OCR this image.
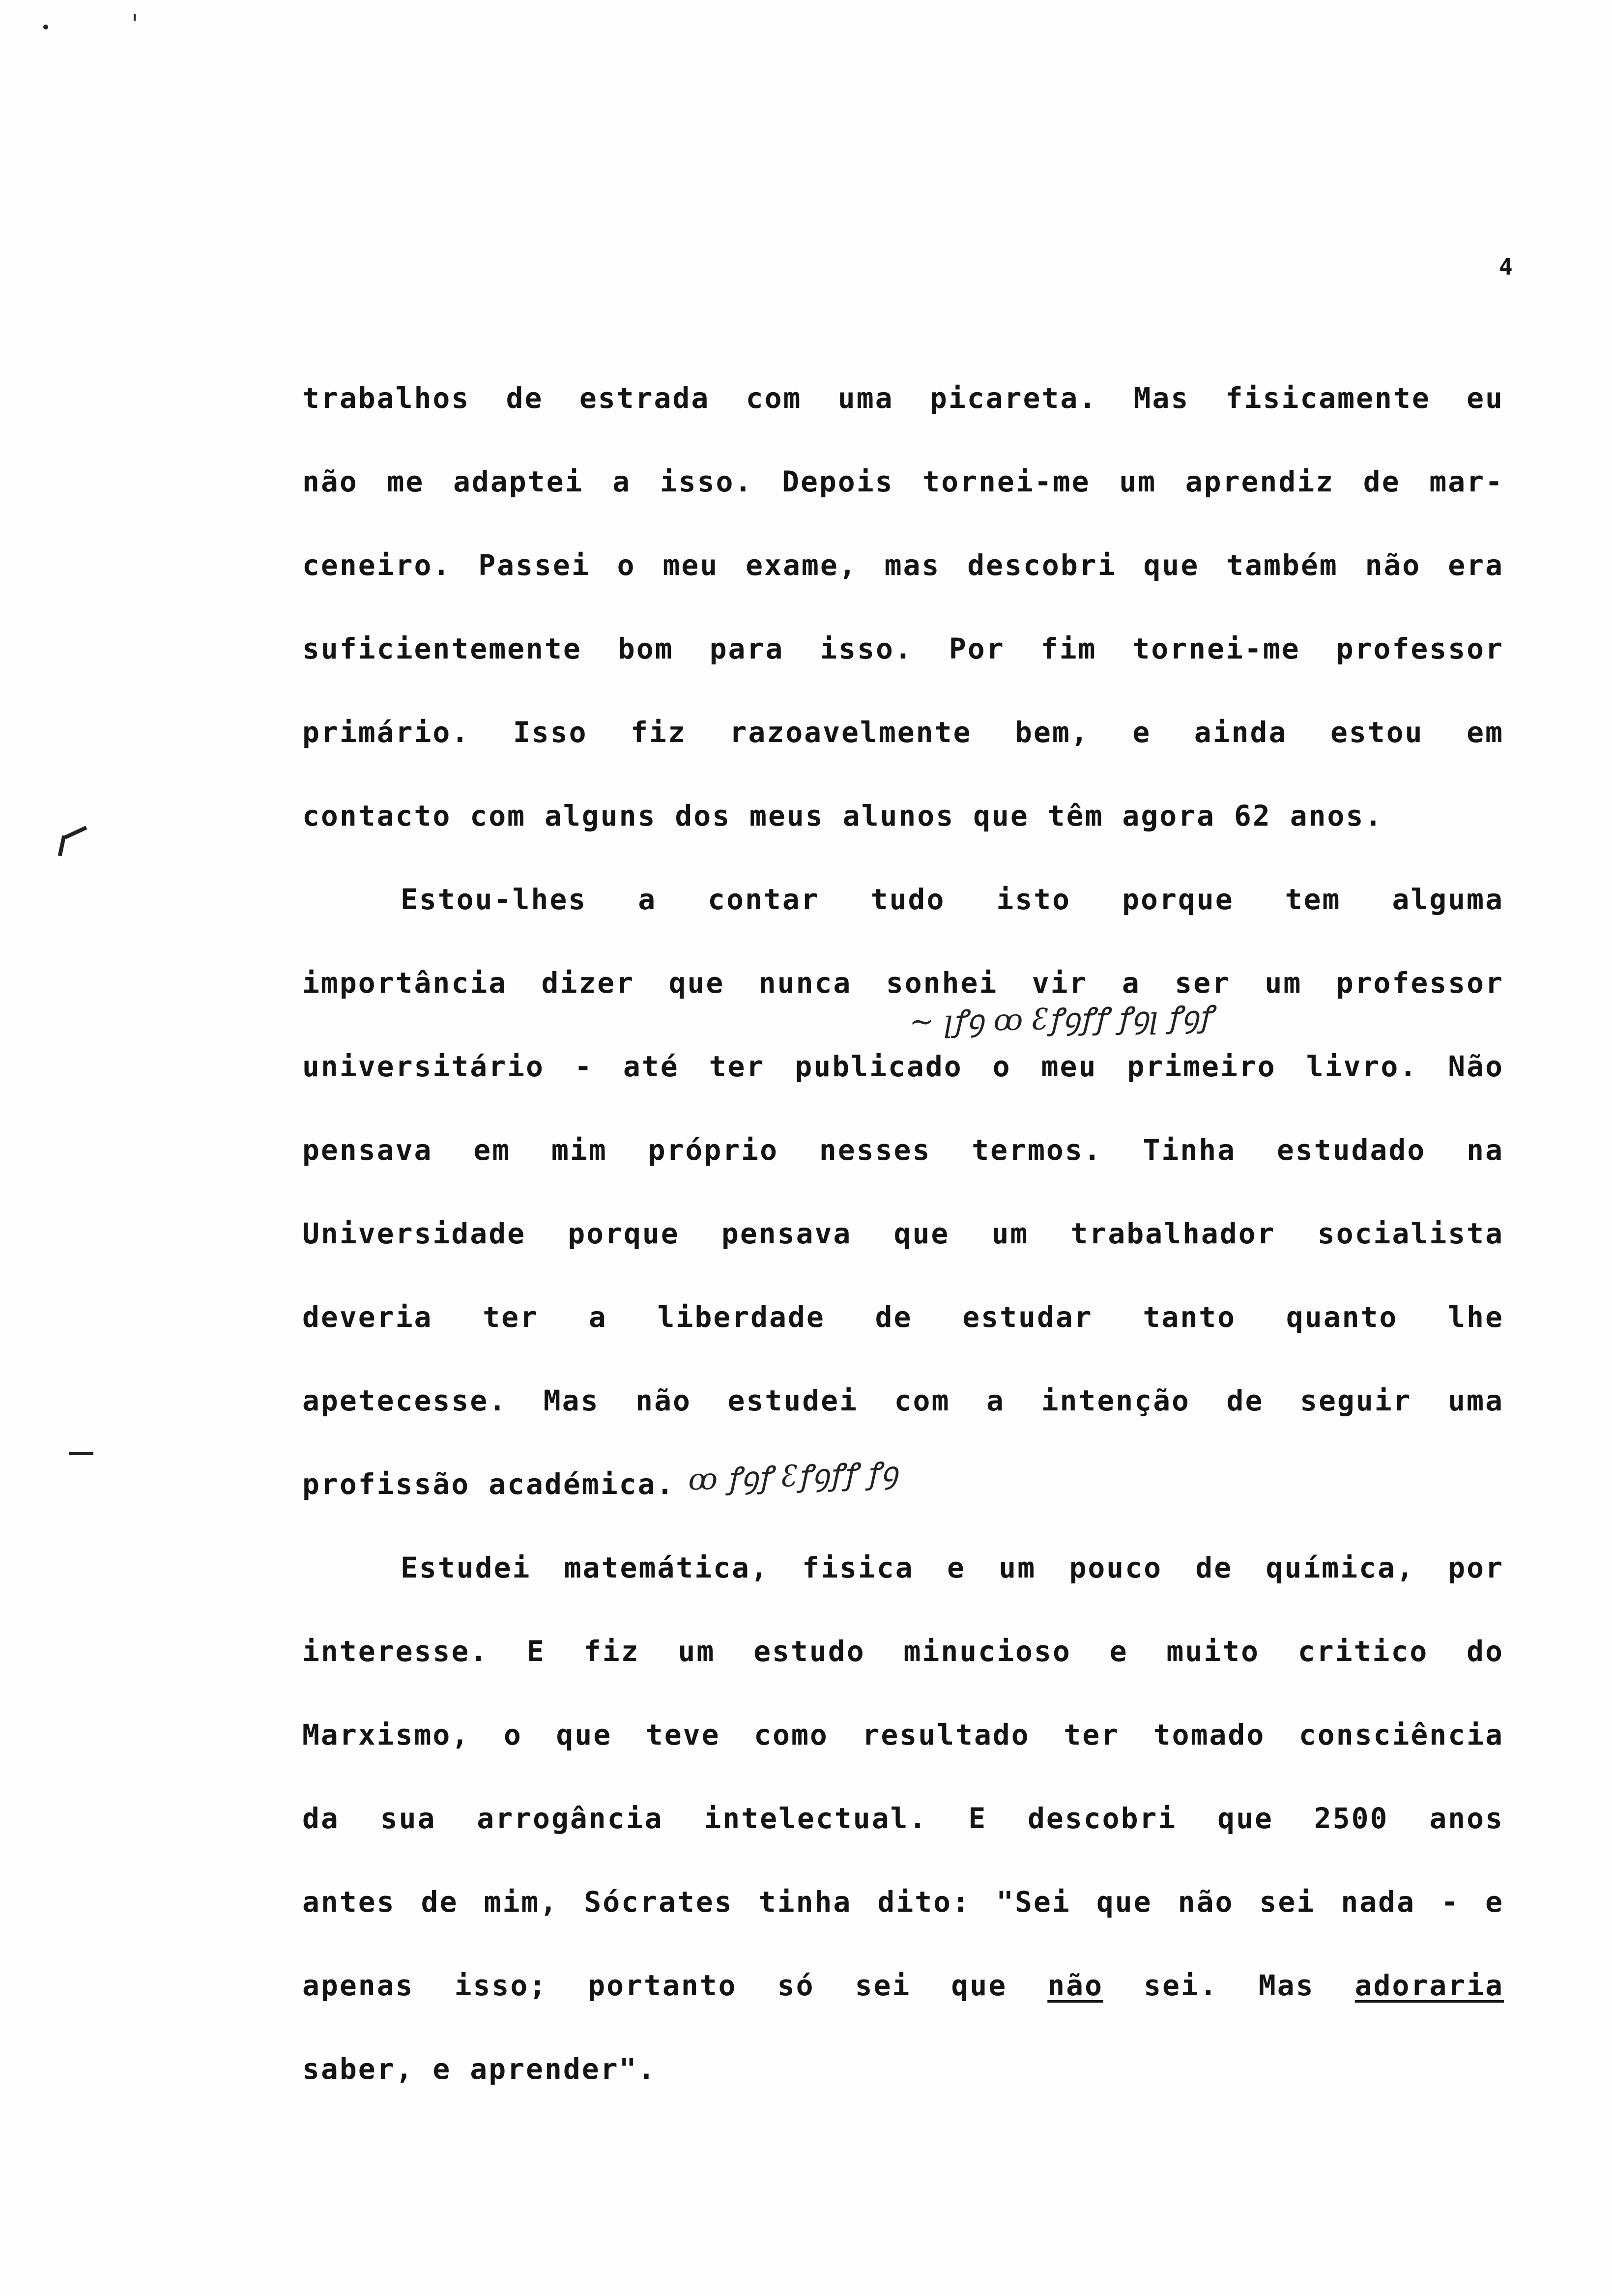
4
trabalhos de estrada com uma picareta. Mas fisicamente eu
não me adaptei a isso. Depois tornei-me um aprendiz de mar-
ceneiro. Passei o meu exame, mas descobri que também não era
suficientemente bom para isso. Por fim tornei-me professor
primário. Isso fiz razoavelmente bem, e ainda estou em
contacto com alguns dos meus alunos que têm agora 62 anos.
Estou-lhes a contar tudo isto porque tem alguma
importância dizer que nunca sonhei vir a ser um professor
~ ꞁꝭꝯ ꝏ ꜫꝭꝯꝭꝭ ꝭꝯꞁ ꝭꝯꝭ
universitário - até ter publicado o meu primeiro livro. Não
pensava em mim próprio nesses termos. Tinha estudado na
Universidade porque pensava que um trabalhador socialista
deveria ter a liberdade de estudar tanto quanto lhe
apetecesse. Mas não estudei com a intenção de seguir uma
profissão académica. ꝏ ꝭꝯꝭ ꜫꝭꝯꝭꝭ ꝭꝯ
Estudei matemática, fisica e um pouco de química, por
interesse. E fiz um estudo minucioso e muito critico do
Marxismo, o que teve como resultado ter tomado consciência
da sua arrogância intelectual. E descobri que 2500 anos
antes de mim, Sócrates tinha dito: "Sei que não sei nada - e
apenas isso; portanto só sei que não sei. Mas adoraria
saber, e aprender".
